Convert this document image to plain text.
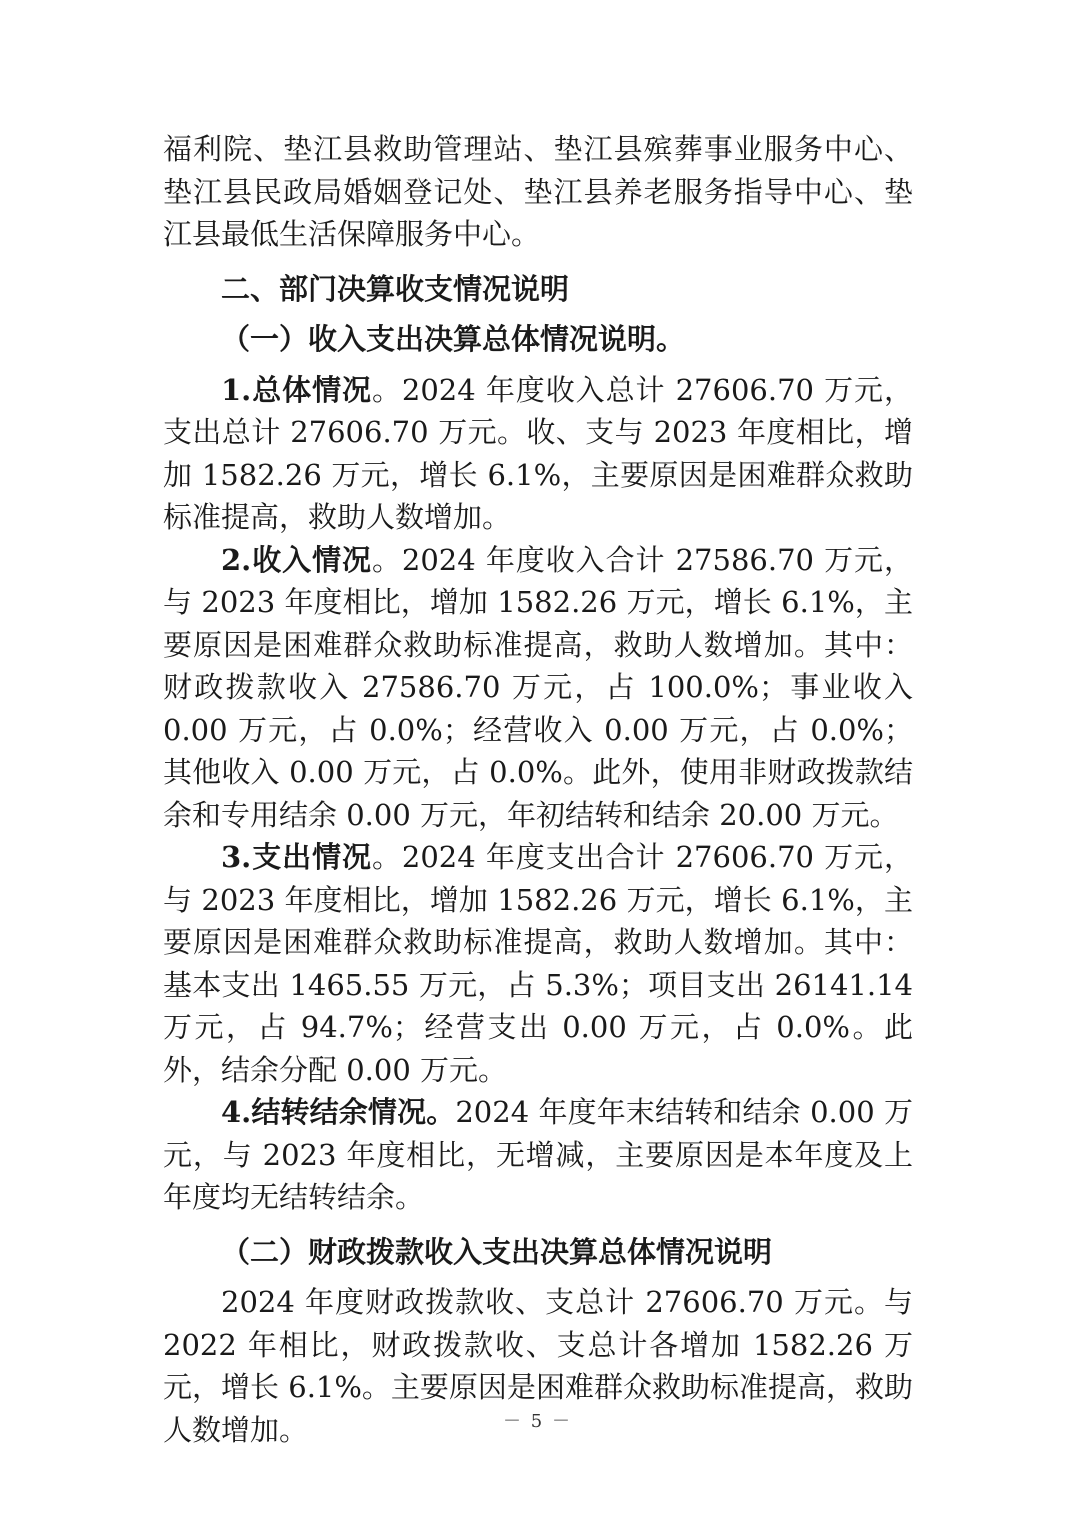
福利院、垫江县救助管理站、垫江县殡葬事业服务中心、垫江县民政局婚姻登记处、垫江县养老服务指导中心、垫江县最低生活保障服务中心。

二、部门决算收支情况说明
（一）收入支出决算总体情况说明。

1.总体情况。2024 年度收入总计 27606.70 万元，支出总计 27606.70 万元。收、支与 2023 年度相比，增加 1582.26 万元，增长 6.1%，主要原因是困难群众救助标准提高，救助人数增加。

2.收入情况。2024 年度收入合计 27586.70 万元，与 2023 年度相比，增加 1582.26 万元，增长 6.1%，主要原因是困难群众救助标准提高，救助人数增加。其中：财政拨款收入 27586.70 万元，占 100.0%；事业收入 0.00 万元，占 0.0%；经营收入 0.00 万元，占 0.0%；其他收入 0.00 万元，占 0.0%。此外，使用非财政拨款结余和专用结余 0.00 万元，年初结转和结余 20.00 万元。

3.支出情况。2024 年度支出合计 27606.70 万元，与 2023 年度相比，增加 1582.26 万元，增长 6.1%，主要原因是困难群众救助标准提高，救助人数增加。其中：基本支出 1465.55 万元，占 5.3%；项目支出 26141.14 万元，占 94.7%；经营支出 0.00 万元，占 0.0%。此外，结余分配 0.00 万元。

4.结转结余情况。2024 年度年末结转和结余 0.00 万元，与 2023 年度相比，无增减，主要原因是本年度及上年度均无结转结余。

（二）财政拨款收入支出决算总体情况说明

2024 年度财政拨款收、支总计 27606.70 万元。与 2022 年相比，财政拨款收、支总计各增加 1582.26 万元，增长 6.1%。主要原因是困难群众救助标准提高，救助人数增加。	－ 5 －
